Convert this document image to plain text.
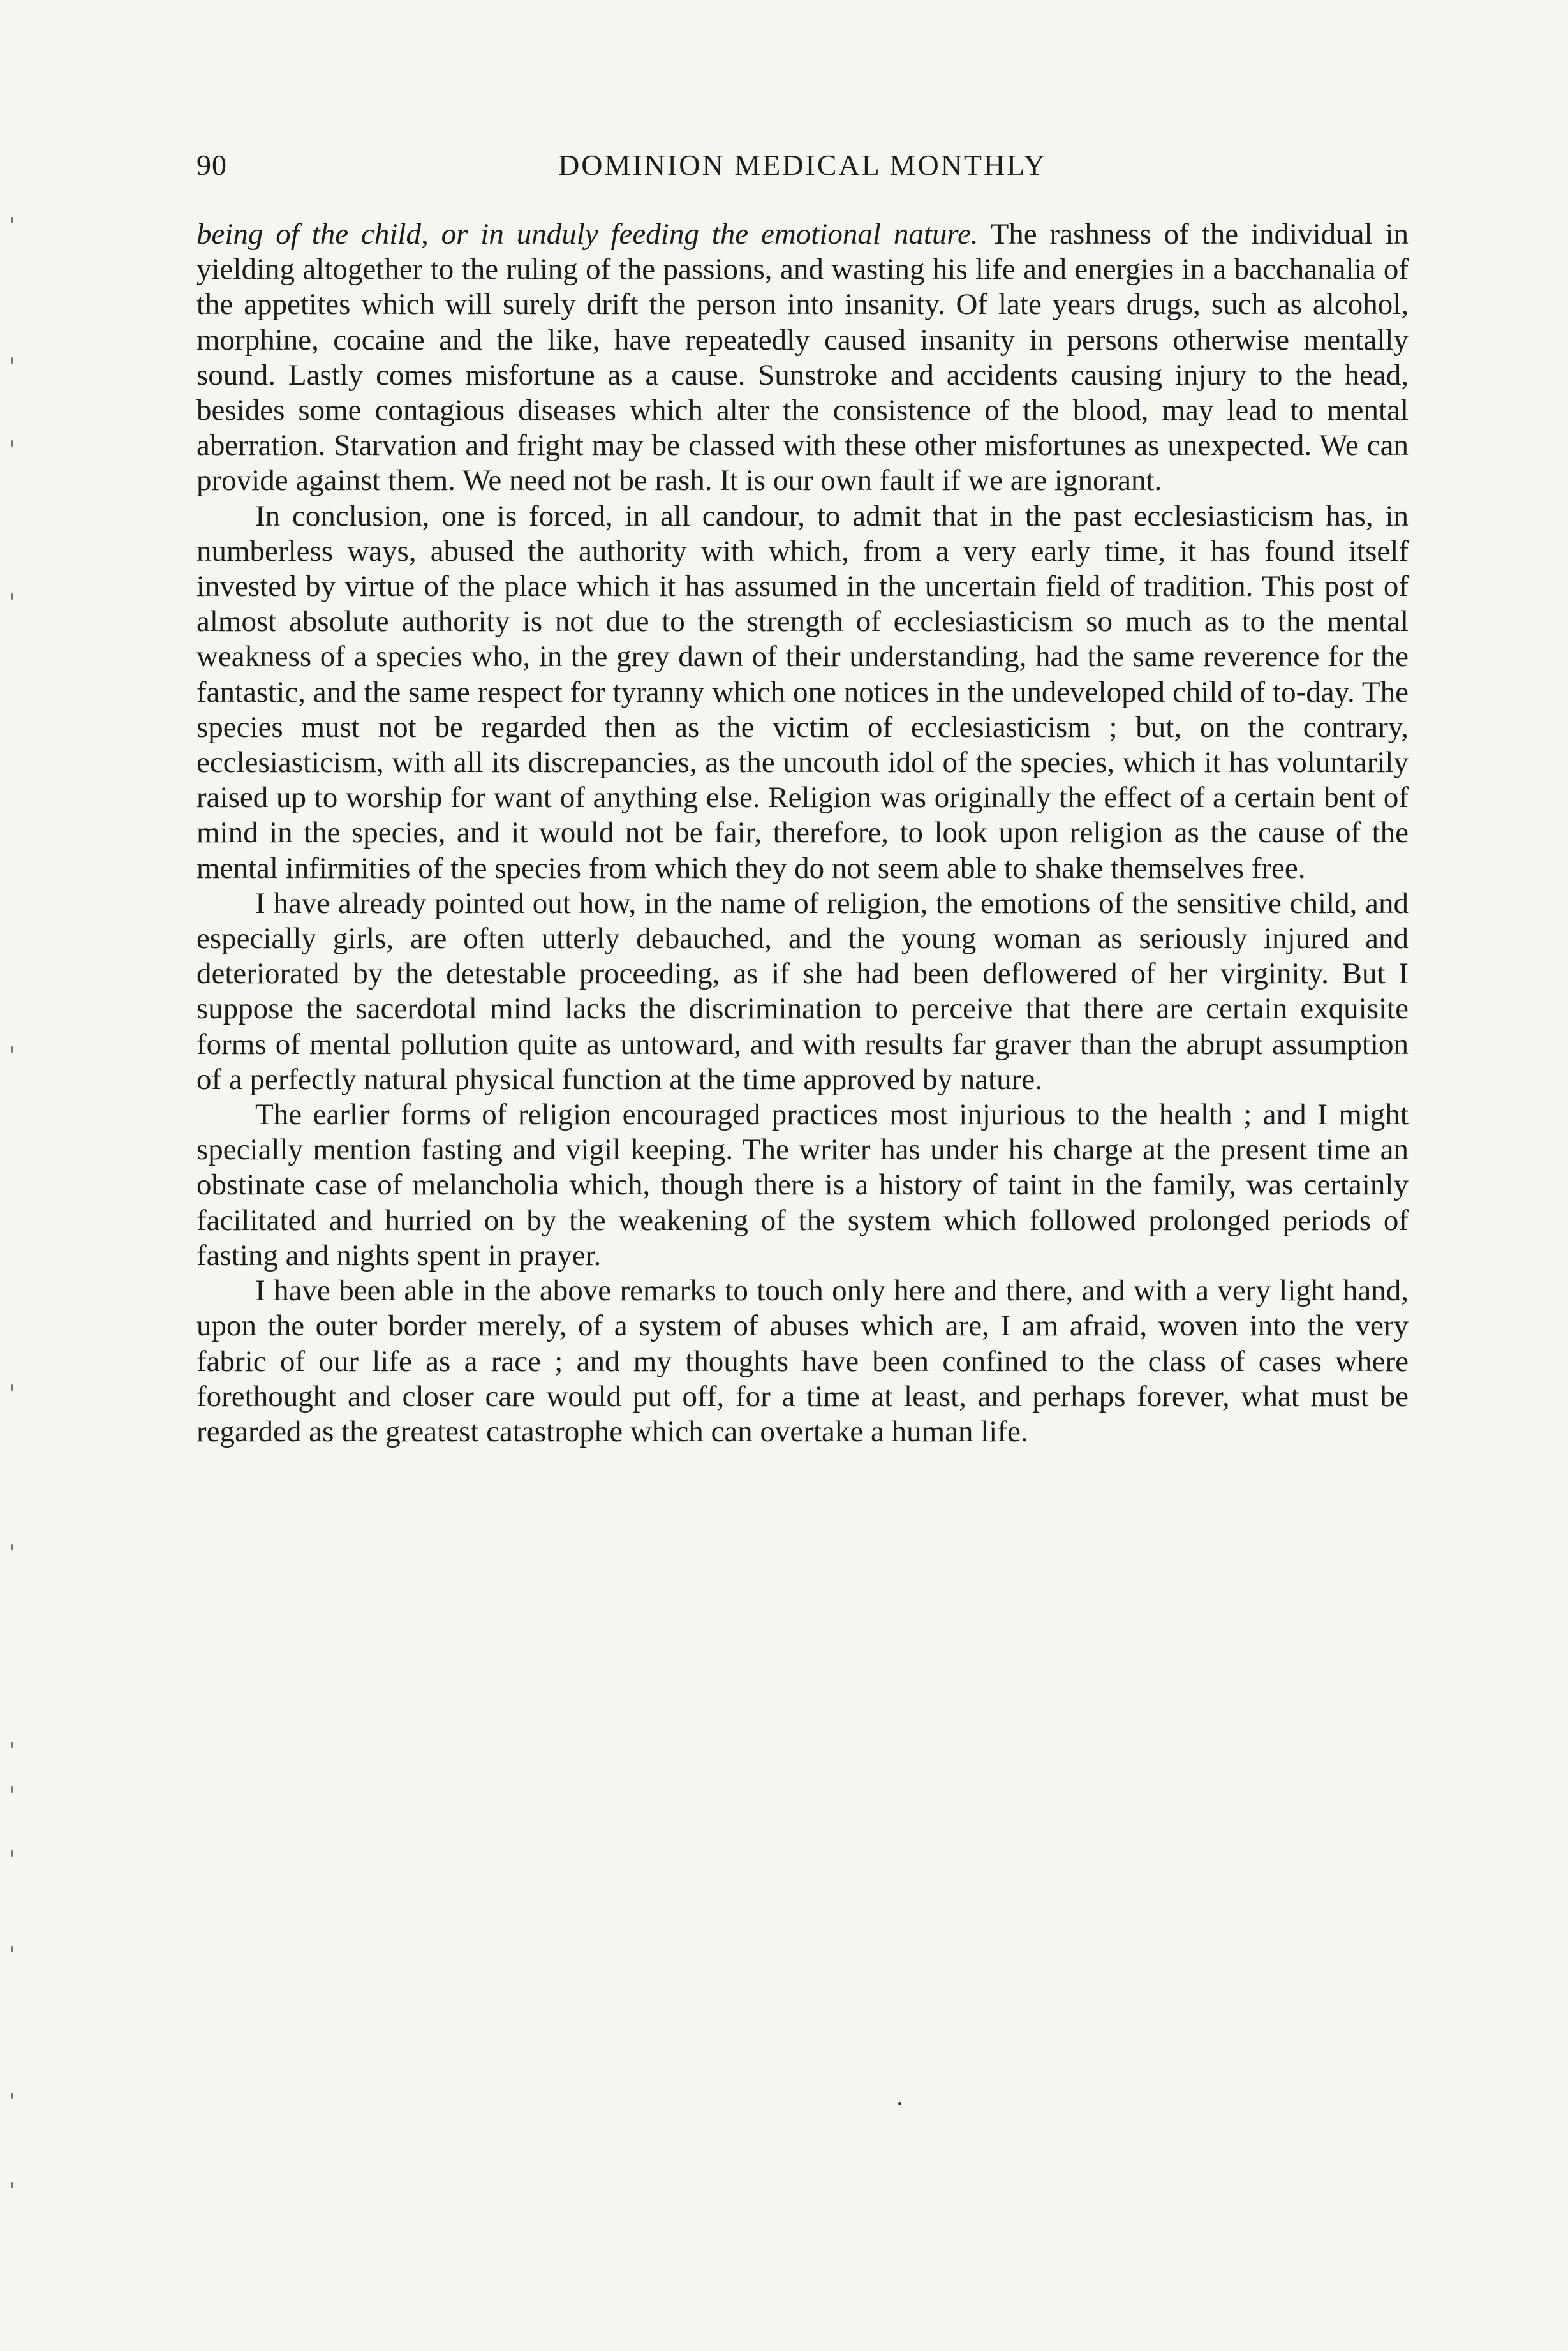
90	DOMINION MEDICAL MONTHLY

being of the child, or in unduly feeding the emotional nature. The rashness of the individual in yielding altogether to the ruling of the passions, and wasting his life and energies in a bacchanalia of the appetites which will surely drift the person into insanity. Of late years drugs, such as alcohol, morphine, cocaine and the like, have repeatedly caused insanity in persons otherwise mentally sound. Lastly comes misfortune as a cause. Sunstroke and accidents causing injury to the head, besides some contagious diseases which alter the consistence of the blood, may lead to mental aberration. Starvation and fright may be classed with these other misfortunes as unexpected. We can provide against them. We need not be rash. It is our own fault if we are ignorant.

In conclusion, one is forced, in all candour, to admit that in the past ecclesiasticism has, in numberless ways, abused the authority with which, from a very early time, it has found itself invested by virtue of the place which it has assumed in the uncertain field of tradition. This post of almost absolute authority is not due to the strength of ecclesiasticism so much as to the mental weakness of a species who, in the grey dawn of their understanding, had the same reverence for the fantastic, and the same respect for tyranny which one notices in the undeveloped child of to-day. The species must not be regarded then as the victim of ecclesiasticism ; but, on the contrary, ecclesiasticism, with all its discrepancies, as the uncouth idol of the species, which it has voluntarily raised up to worship for want of anything else. Religion was originally the effect of a certain bent of mind in the species, and it would not be fair, therefore, to look upon religion as the cause of the mental infirmities of the species from which they do not seem able to shake themselves free.

I have already pointed out how, in the name of religion, the emotions of the sensitive child, and especially girls, are often utterly debauched, and the young woman as seriously injured and deteriorated by the detestable proceeding, as if she had been deflowered of her virginity. But I suppose the sacerdotal mind lacks the discrimination to perceive that there are certain exquisite forms of mental pollution quite as untoward, and with results far graver than the abrupt assumption of a perfectly natural physical function at the time approved by nature.

The earlier forms of religion encouraged practices most injurious to the health ; and I might specially mention fasting and vigil keeping. The writer has under his charge at the present time an obstinate case of melancholia which, though there is a history of taint in the family, was certainly facilitated and hurried on by the weakening of the system which followed prolonged periods of fasting and nights spent in prayer.

I have been able in the above remarks to touch only here and there, and with a very light hand, upon the outer border merely, of a system of abuses which are, I am afraid, woven into the very fabric of our life as a race ; and my thoughts have been confined to the class of cases where forethought and closer care would put off, for a time at least, and perhaps forever, what must be regarded as the greatest catastrophe which can overtake a human life.
